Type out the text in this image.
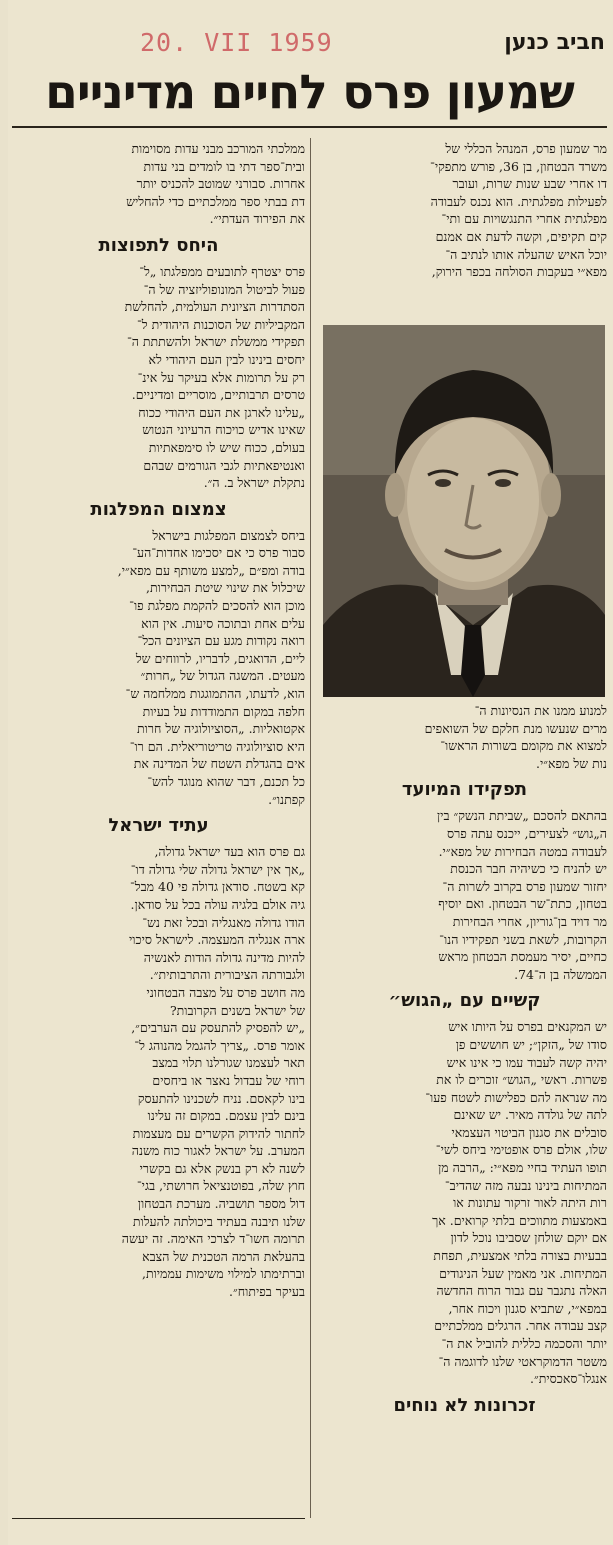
20. VII 1959	חביב כנען
שמעון פרס לחיים מדיניים

מר שמעון פרס, המנהל הכללי של

משרד הבטחון, בן 36, פורש מתפקי־

דו אחרי שבע שנות שרות, ועובר

לפעילות מפלגתית. הוא נכנס לעבודה

מפלגתית אחרי התנגשויות עם ותי־

קים תקיפים, וקשה לדעת אם אמנם

יוכל האיש שהעלה אותו לנתיב ה־

מפא״י בעקבות הסולחה בכפר הירוק,

למנוע ממנו את הנסיונות ה־

מרים שנעשו מנת חלקם של השואפים

למצוא את מקומם בשורות הראשו־

נות של מפא״י.

תפקידו המיועד

בהתאם להסכם „שביתת הנשק״ בין

ה„גוש״ לצעירים, ייכנס עתה פרס

לעבודה במטה הבחירות של מפא״י.

יש להניח כי כשיהיה חבר הכנסת

יחזור שמעון פרס בקרוב לשרות ה־

בטחון, כתת־שר הבטחון. ואם יוסיף

מר דויד בן־גוריון, אחרי הבחירות

הקרובות, לשאת בשני תפקידיו הנו־

כחיים, יסיר מעמסת הבטחון מראש

הממשלה בן ה־74.

קשיים עם „הגוש״

יש המקנאים בפרס על היותו איש

סודו של „הזקן״; יש חוששים פן

יהיה קשה לעבוד עמו כי אינו איש

פשרות. ראשי „הגוש״ זוכרים לו את

מה שנראה להם כפלישות לשטח פעו־

לתה של גולדה מאיר. יש שאינם

סובלים את סגנון הביטוי העצמאי

שלו, אולם פרס אופטימי ביחס לשי־

תופו העתיד בחיי מפא״י: „הרבה מן

המתיחות בינינו נבעה מזה שהדיב־

רות היתה לאור זרקור עתונות או

באמצעות מתווכים בלתי קרואים. אך

אם יוקם שולחן שסביבו נוכל לדון

בבעיות בצורה בלתי אמצעית, תפחת

המתיחות. אני מאמין שעל הניגודים

האלה נתגבר עם גבור הרוח החדשה

במפא״י, שתביא סגנון ויכוח אחר,

קצב עבודה אחר. הרגלים ממלכתיים

יותר והסכמה כללית להוביל את ה־

משטר הדמוקראטי שלנו לדוגמה ה־

אנגלו־סאכסית״.

זכרונות לא נוחים

ממלכתי המורכב מבני עדות מסוימות

ובית־ספר דתי בו לומדים בני עדות

אחרות. סבורני שמוטב להכניס יותר

דת בבתי ספר ממלכתיים כדי להחליש

את הפירוד העדתי״.

היחס לתפוצות

פרס יצטרף לתובעים ממפלגתו „ל־

פעול לביטול המונופוליזציה של ה־

הסתדרות הציונית העולמית, להחלשת

המקביליות של הסוכנות היהודית ל־

תפקידי ממשלת ישראל ולהשתתת ה־

יחסים בינינו לבין העם היהודי לא

רק על תרומות אלא בעיקר על אינ־

טרסים תרבותיים, מוסריים ומדיניים.

„עלינו לארגן את העם היהודי ככוח

שאינו אדיש כויכוח הרעיוני הנטוש

בעולם, ככוח שיש לו סימפאתיות

ואנטיפאתיות לגבי הגורמים שבהם

נתקלת ישראל ב. ה״.

צמצום המפלגות

ביחס לצמצום המפלגות בישראל

סבור פרס כי אם יסכימו אחדות־הע־

בודה ומפ״ם „למצע משותף עם מפא״י,

שיכלול את שינוי שיטת הבחירות,

מוכן הוא להסכים להקמת מפלגת פו־

עלים אחת ובתוכה סיעות. אין הוא

רואה נקודות מגע עם הציונים הכל־

ליים, הדואגים, לדבריו, לרווחים של

מעטים. המשגה הגדול של „חרות״

הוא, לדעתו, ההתמוגגות ממלחמה ש־

חלפה במקום התמודדות על בעיות

אקטואליות. „הסוציולוגיה של חרות

היא סוציולוגיה טריטוריאלית. הם רו־

אים בהגדלת השטח של המדינה את

כל תכנם, דבר שהוא מנוגד להש־

קפתנו״.

עתיד ישראל

גם פרס הוא בעד ישראל גדולה,

„אך אין ישראל גדולה שלי גדולה דו־

קא בשטח. סודאן גדולה פי 40 מבל־

גיה אולם בלגיה עולה בכל על סודאן.

הודו גדולה מאנגליה ובכל זאת נש־

ארה אנגליה המעצמה. לישראל סיכוי

להיות מדינה גדולה הודות לאנשיה

ולגבורתה הציבורית והתרבותית״.

מה חושב פרס על מצבה הבטחוני

של ישראל בשנים הקרובות?

„יש להפסיק להתעסק עם הערבים״,

אומר פרס. „צריך להגמל מהנוהג ל־

תאר לעצמנו שגורלנו תלוי במצב

רוחי של עבדול נאצר או ביחסים

בינו לקאסם. נניח לשכנינו להתעסק

בינם לבין עצמם. במקום זה עלינו

לחתור להידוק הקשרים עם מעצמות

המערב. על ישראל לאגור כוח משנה

לשנה לא רק בנשק אלא גם בקשרי

חוץ שלה, בפוטנציאל חרושתי, בגי־

דול מספר תושביה. מערכת הבטחון

שלנו תיבנה בעתיד ביכולתה להעלות

תרומה חשו־ד לצרכי האימה. זה יעשה

בהעלאת הרמה הטכנית של הצבא

וברתימתו למילוי משימות עממיות,

בעיקר בפיתוח״.
